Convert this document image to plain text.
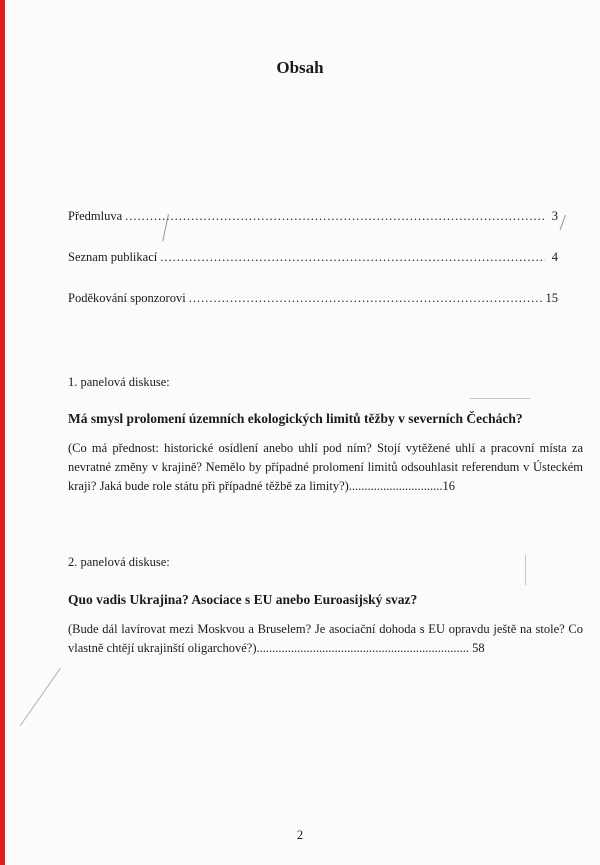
Obsah
Předmluva .....	3
Seznam publikací .....	4
Poděkování sponzorovi .....	15
1. panelová diskuse:
Má smysl prolomení územních ekologických limitů těžby v severních Čechách?
(Co má přednost: historické osídlení anebo uhlí pod ním? Stojí vytěžené uhlí a pracovní místa za nevratné změny v krajině? Nemělo by případné prolomení limitů odsouhlasit referendum v Ústeckém kraji? Jaká bude role státu při případné těžbě za limity?)..............................16
2. panelová diskuse:
Quo vadis Ukrajina? Asociace s EU anebo Euroasijský svaz?
(Bude dál lavírovat mezi Moskvou a Bruselem? Je asociační dohoda s EU opravdu ještě na stole? Co vlastně chtějí ukrajinští oligarchové?).................................................................... 58
2
